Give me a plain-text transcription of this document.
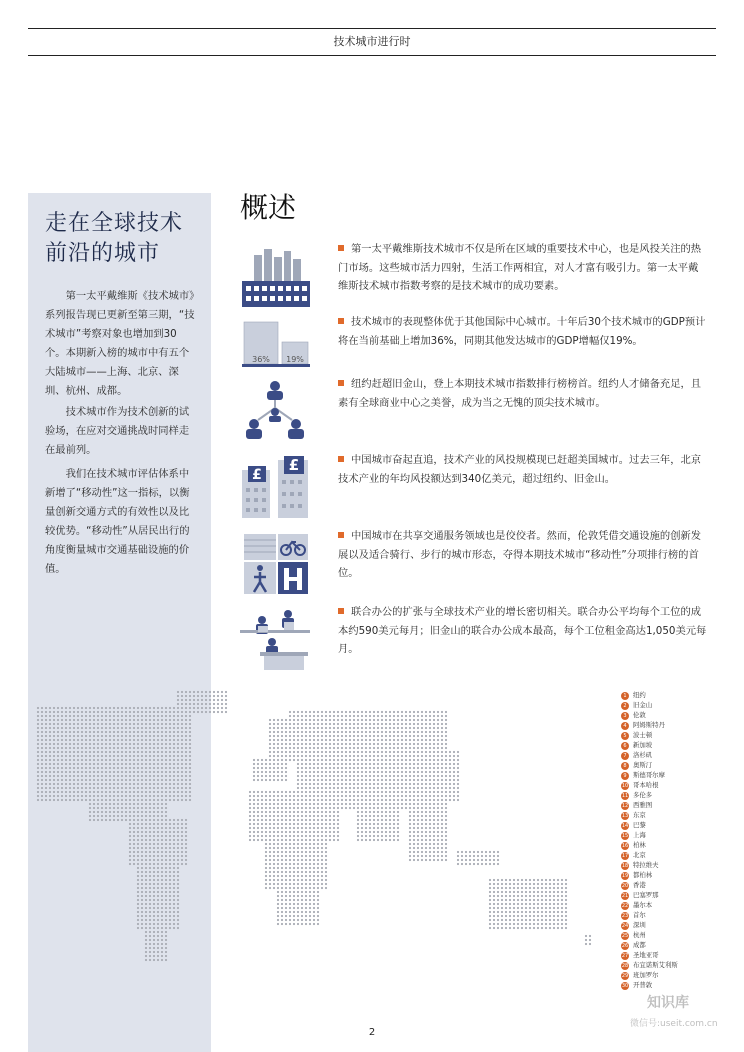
技术城市进行时
走在全球技术前沿的城市
第一太平戴维斯《技术城市》系列报告现已更新至第三期，“技术城市”考察对象也增加到30个。本期新入榜的城市中有五个大陆城市——上海、北京、深圳、杭州、成都。
技术城市作为技术创新的试验场，在应对交通挑战时同样走在最前列。
我们在技术城市评估体系中新增了“移动性”这一指标，以衡量创新交通方式的有效性以及比较优势。“移动性”从居民出行的角度衡量城市交通基础设施的价值。
概述
第一太平戴维斯技术城市不仅是所在区域的重要技术中心，也是风投关注的热门市场。这些城市活力四射，生活工作两相宜，对人才富有吸引力。第一太平戴维斯技术城市指数考察的是技术城市的成功要素。
36% 19%
技术城市的表现整体优于其他国际中心城市。十年后30个技术城市的GDP预计将在当前基础上增加36%，同期其他发达城市的GDP增幅仅19%。
纽约赶超旧金山，登上本期技术城市指数排行榜榜首。纽约人才储备充足，且素有全球商业中心之美誉，成为当之无愧的顶尖技术城市。
£
£	中国城市奋起直追，技术产业的风投规模现已赶超美国城市。过去三年，北京技术产业的年均风投额达到340亿美元，超过纽约、旧金山。
中国城市在共享交通服务领域也是佼佼者。然而，伦敦凭借交通设施的创新发展以及适合骑行、步行的城市形态，夺得本期技术城市“移动性”分项排行榜的首位。
联合办公的扩张与全球技术产业的增长密切相关。联合办公平均每个工位的成本约590美元每月；旧金山的联合办公成本最高，每个工位租金高达1,050美元每月。
1 纽约
2 旧金山
3 伦敦
4 阿姆斯特丹
5 波士顿
6 新加坡
7 洛杉矶
8 奥斯汀
9 斯德哥尔摩
10 哥本哈根
11 多伦多
12 西雅图
13 东京
14 巴黎
15 上海
16 柏林
17 北京
18 特拉维夫
19 都柏林
20 香港
21 巴塞罗那
22 墨尔本
23 首尔
24 深圳
25 杭州
26 成都
27 圣地亚哥
28 布宜诺斯艾利斯
29 班加罗尔
30 开普敦
2
知识库
微信号:useit.com.cn
